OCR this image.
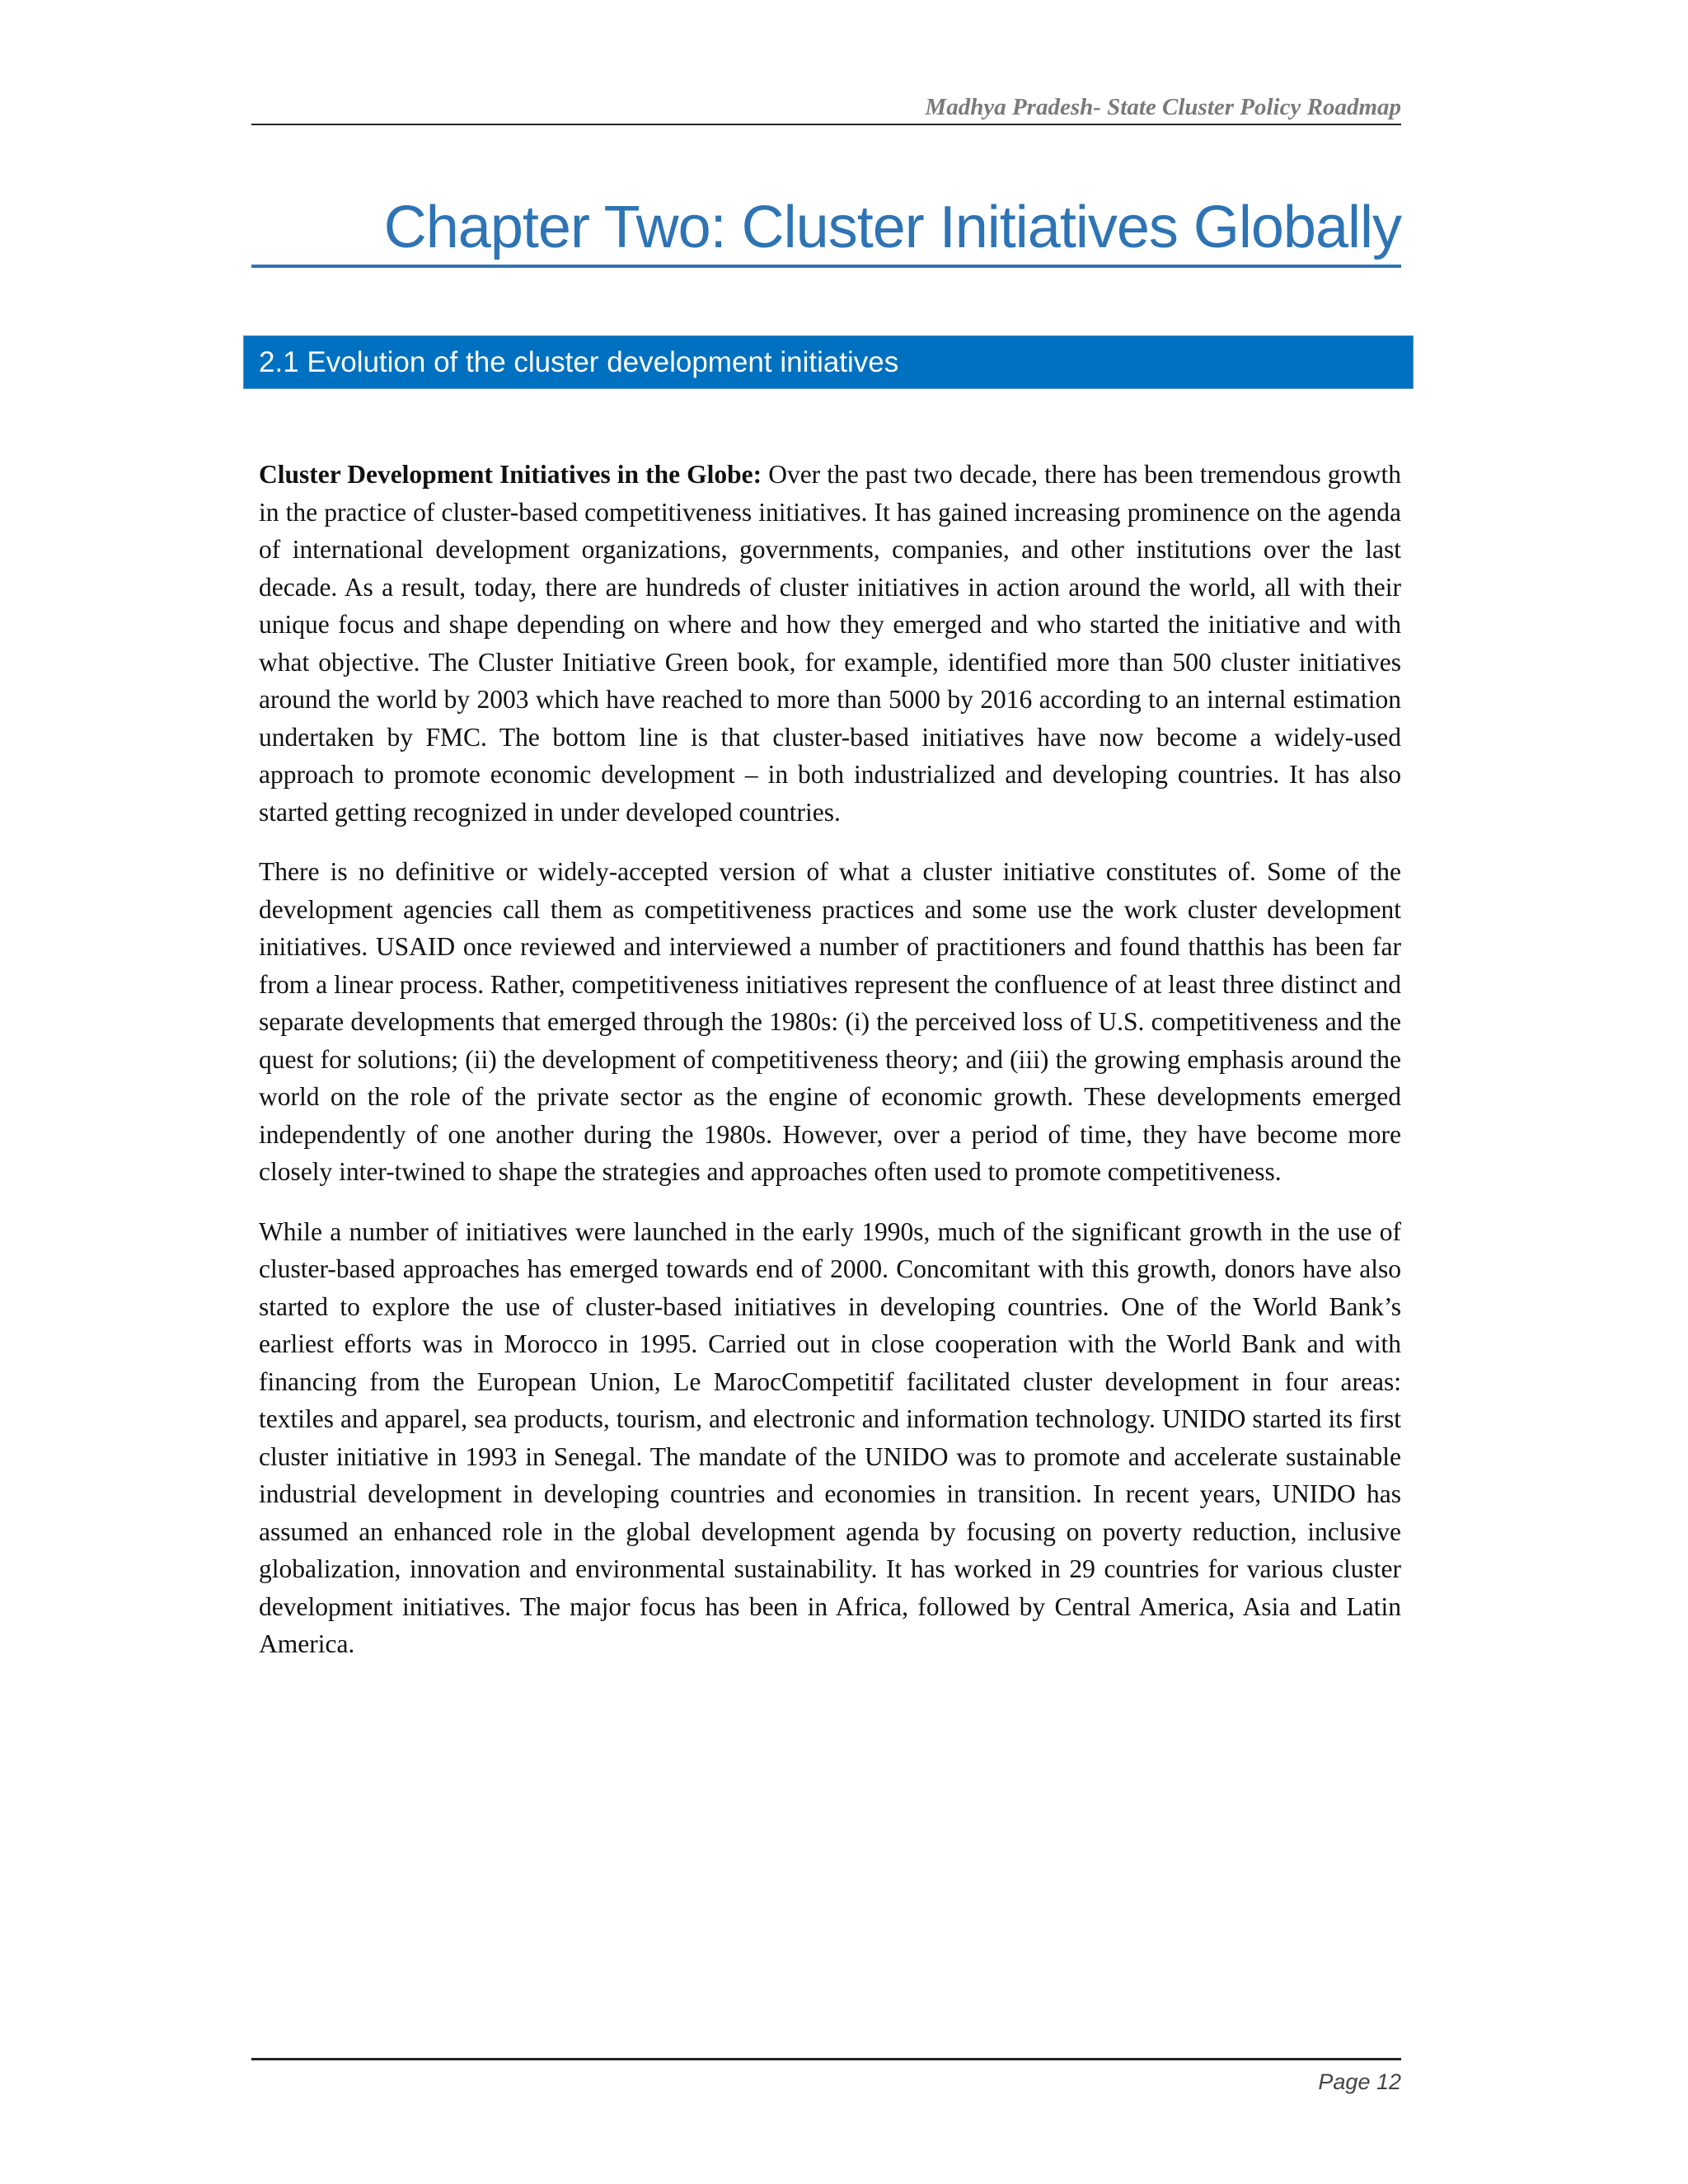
Madhya Pradesh- State Cluster Policy Roadmap
Chapter Two: Cluster Initiatives Globally
2.1 Evolution of the cluster development initiatives

Cluster Development Initiatives in the Globe: Over the past two decade, there has been tremendous growth in the practice of cluster-based competitiveness initiatives. It has gained increasing prominence on the agenda of international development organizations, governments, companies, and other institutions over the last decade. As a result, today, there are hundreds of cluster initiatives in action around the world, all with their unique focus and shape depending on where and how they emerged and who started the initiative and with what objective. The Cluster Initiative Green book, for example, identified more than 500 cluster initiatives around the world by 2003 which have reached to more than 5000 by 2016 according to an internal estimation undertaken by FMC. The bottom line is that cluster-based initiatives have now become a widely-used approach to promote economic development – in both industrialized and developing countries. It has also started getting recognized in under developed countries.

There is no definitive or widely-accepted version of what a cluster initiative constitutes of. Some of the development agencies call them as competitiveness practices and some use the work cluster development initiatives. USAID once reviewed and interviewed a number of practitioners and found thatthis has been far from a linear process. Rather, competitiveness initiatives represent the confluence of at least three distinct and separate developments that emerged through the 1980s: (i) the perceived loss of U.S. competitiveness and the quest for solutions; (ii) the development of competitiveness theory; and (iii) the growing emphasis around the world on the role of the private sector as the engine of economic growth. These developments emerged independently of one another during the 1980s. However, over a period of time, they have become more closely inter-twined to shape the strategies and approaches often used to promote competitiveness.

While a number of initiatives were launched in the early 1990s, much of the significant growth in the use of cluster-based approaches has emerged towards end of 2000. Concomitant with this growth, donors have also started to explore the use of cluster-based initiatives in developing countries. One of the World Bank’s earliest efforts was in Morocco in 1995. Carried out in close cooperation with the World Bank and with financing from the European Union, Le MarocCompetitif facilitated cluster development in four areas: textiles and apparel, sea products, tourism, and electronic and information technology. UNIDO started its first cluster initiative in 1993 in Senegal. The mandate of the UNIDO was to promote and accelerate sustainable industrial development in developing countries and economies in transition. In recent years, UNIDO has assumed an enhanced role in the global development agenda by focusing on poverty reduction, inclusive globalization, innovation and environmental sustainability. It has worked in 29 countries for various cluster development initiatives. The major focus has been in Africa, followed by Central America, Asia and Latin America.

Page 12
